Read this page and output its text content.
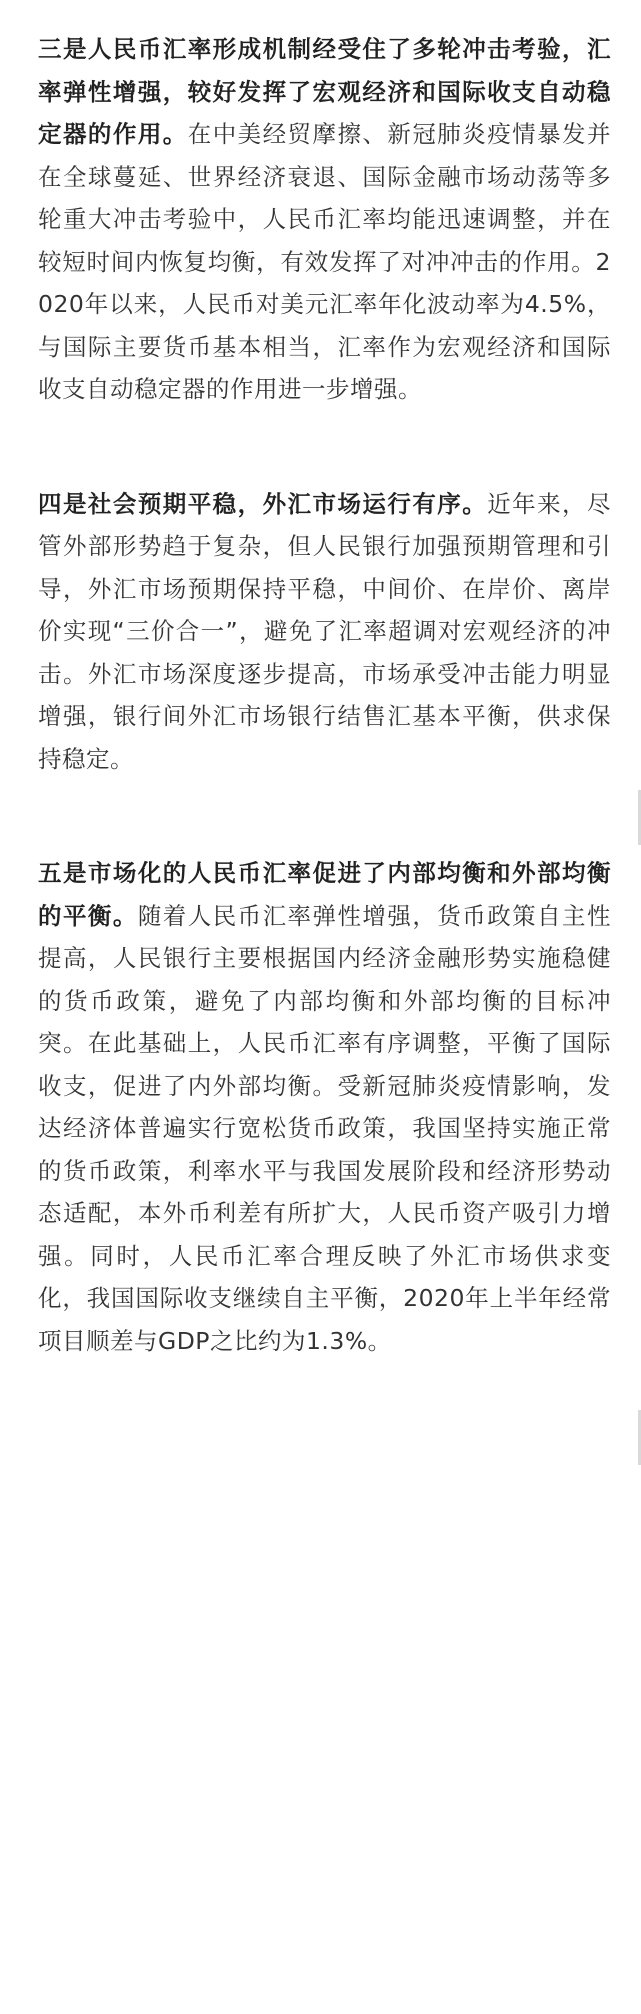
三是人民币汇率形成机制经受住了多轮冲击考验，汇率弹性增强，较好发挥了宏观经济和国际收支自动稳定器的作用。在中美经贸摩擦、新冠肺炎疫情暴发并在全球蔓延、世界经济衰退、国际金融市场动荡等多轮重大冲击考验中，人民币汇率均能迅速调整，并在较短时间内恢复均衡，有效发挥了对冲冲击的作用。2020年以来，人民币对美元汇率年化波动率为4.5%，与国际主要货币基本相当，汇率作为宏观经济和国际收支自动稳定器的作用进一步增强。

四是社会预期平稳，外汇市场运行有序。近年来，尽管外部形势趋于复杂，但人民银行加强预期管理和引导，外汇市场预期保持平稳，中间价、在岸价、离岸价实现“三价合一”，避免了汇率超调对宏观经济的冲击。外汇市场深度逐步提高，市场承受冲击能力明显增强，银行间外汇市场银行结售汇基本平衡，供求保持稳定。

五是市场化的人民币汇率促进了内部均衡和外部均衡的平衡。随着人民币汇率弹性增强，货币政策自主性提高，人民银行主要根据国内经济金融形势实施稳健的货币政策，避免了内部均衡和外部均衡的目标冲突。在此基础上，人民币汇率有序调整，平衡了国际收支，促进了内外部均衡。受新冠肺炎疫情影响，发达经济体普遍实行宽松货币政策，我国坚持实施正常的货币政策，利率水平与我国发展阶段和经济形势动态适配，本外币利差有所扩大，人民币资产吸引力增强。同时，人民币汇率合理反映了外汇市场供求变化，我国国际收支继续自主平衡，2020年上半年经常项目顺差与GDP之比约为1.3%。
